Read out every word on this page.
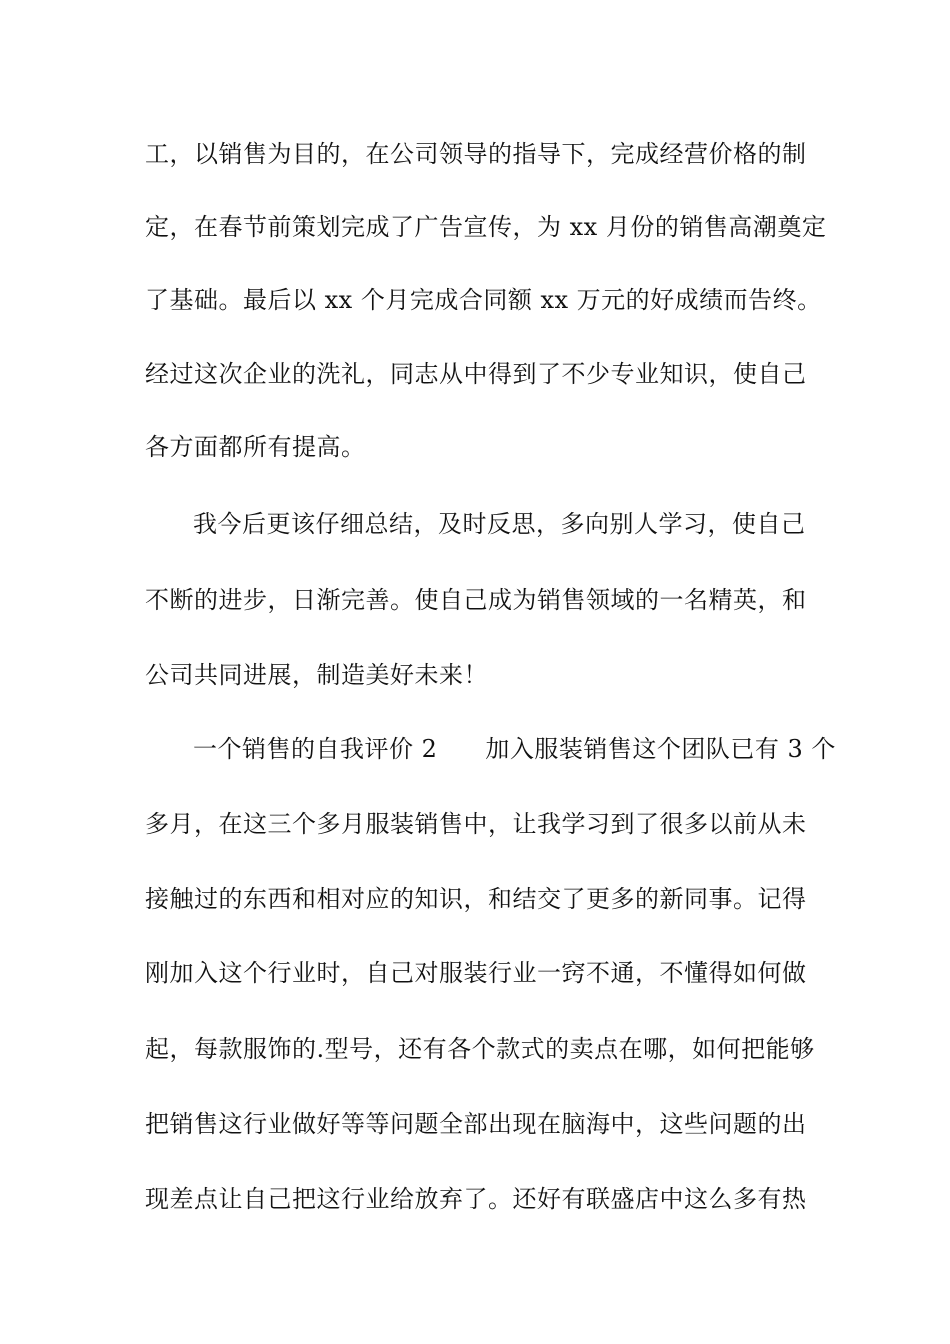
工，以销售为目的，在公司领导的指导下，完成经营价格的制
定，在春节前策划完成了广告宣传，为 xx 月份的销售高潮奠定
了基础。最后以 xx 个月完成合同额 xx 万元的好成绩而告终。
经过这次企业的洗礼，同志从中得到了不少专业知识，使自己
各方面都所有提高。
我今后更该仔细总结，及时反思，多向别人学习，使自己
不断的进步，日渐完善。使自己成为销售领域的一名精英，和
公司共同进展，制造美好未来！
一个销售的自我评价 2 加入服装销售这个团队已有 3 个
多月，在这三个多月服装销售中，让我学习到了很多以前从未
接触过的东西和相对应的知识，和结交了更多的新同事。记得
刚加入这个行业时，自己对服装行业一窍不通，不懂得如何做
起，每款服饰的.型号，还有各个款式的卖点在哪，如何把能够
把销售这行业做好等等问题全部出现在脑海中，这些问题的出
现差点让自己把这行业给放弃了。还好有联盛店中这么多有热
